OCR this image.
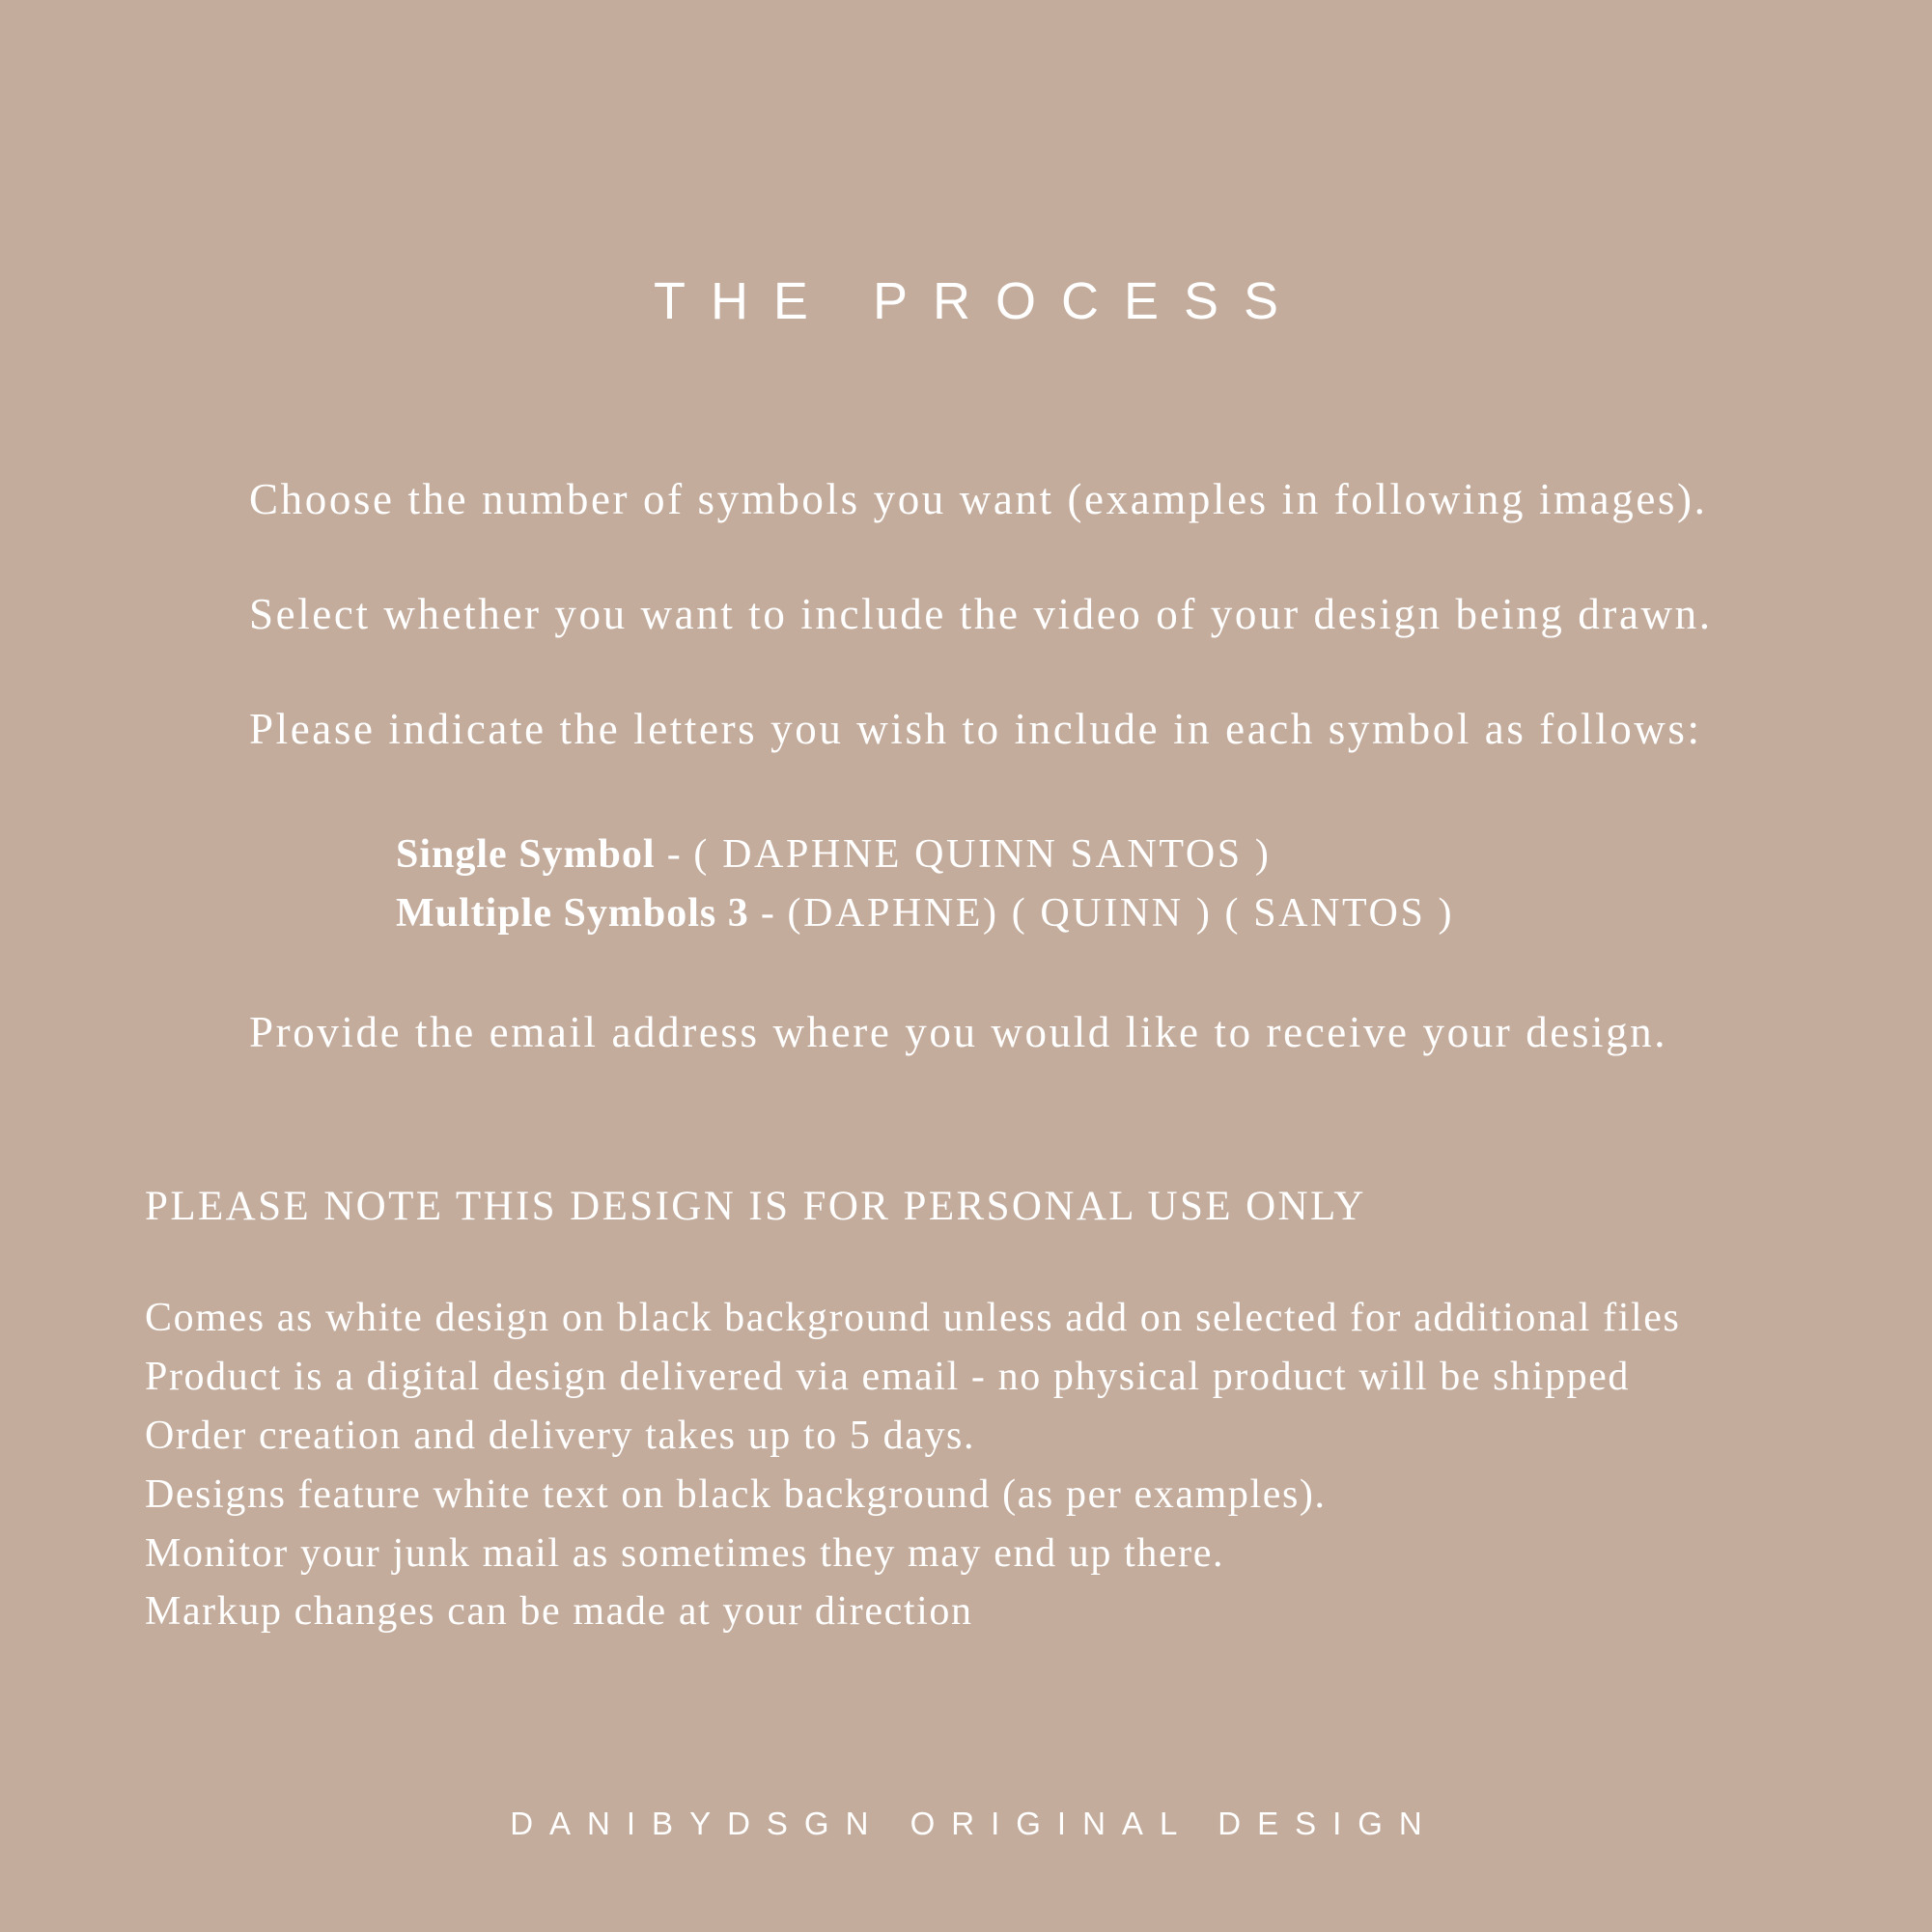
THE PROCESS
Choose the number of symbols you want (examples in following images).
Select whether you want to include the video of your design being drawn.
Please indicate the letters you wish to include in each symbol as follows:
Single Symbol - ( DAPHNE QUINN SANTOS )
Multiple Symbols 3 - (DAPHNE) ( QUINN ) ( SANTOS )
Provide the email address where you would like to receive your design.
PLEASE NOTE THIS DESIGN IS FOR PERSONAL USE ONLY
Comes as white design on black background unless add on selected for additional files
Product is a digital design delivered via email - no physical product will be shipped
Order creation and delivery takes up to 5 days.
Designs feature white text on black background (as per examples).
Monitor your junk mail as sometimes they may end up there.
Markup changes can be made at your direction
DANIBYDSGN ORIGINAL DESIGN
